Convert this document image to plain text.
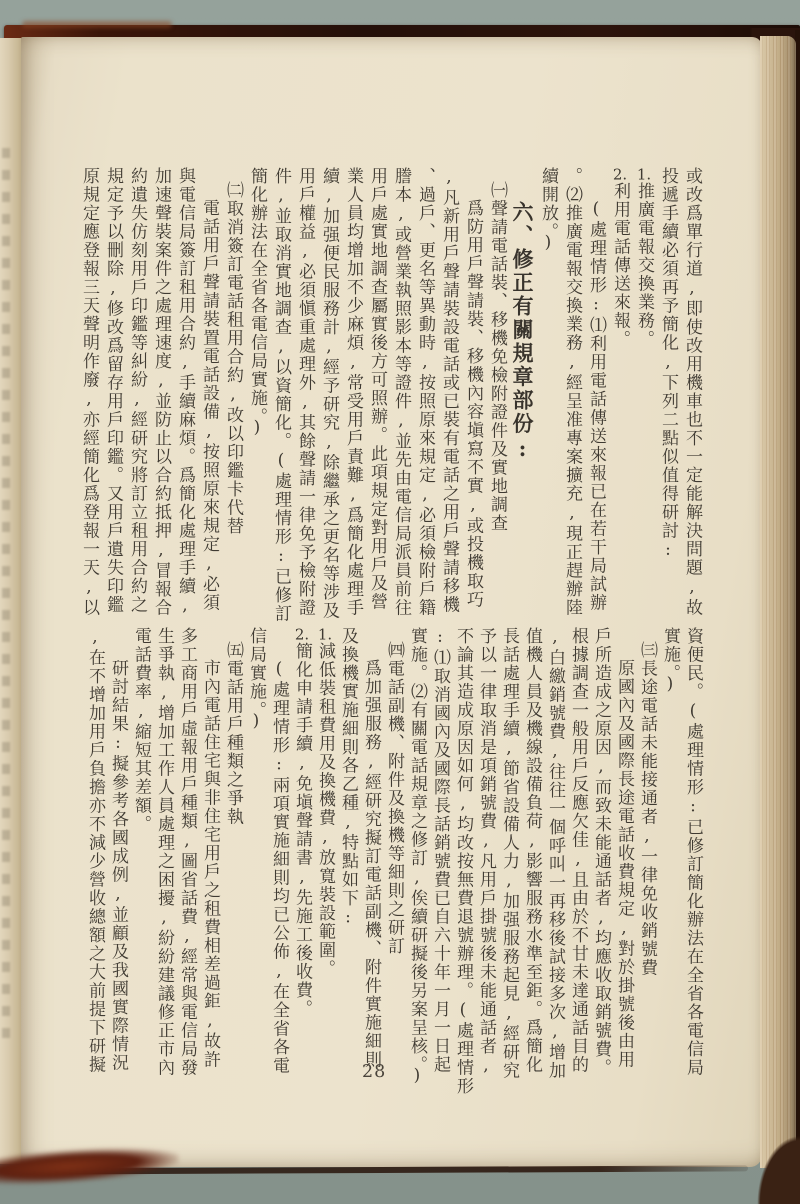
或改爲單行道,即使改用機車也不一定能解決問題,故
投遞手續必須再予簡化,下列二點似值得研討:
1.推廣電報交換業務。
2.利用電話傳送來報。
(處理情形:⑴利用電話傳送來報已在若干局試辦
。⑵推廣電報交換業務,經呈准專案擴充,現正趕辦陸
續開放。)
六、修正有關規章部份:
㈠聲請電話裝、移機免檢附證件及實地調查
爲防用戶聲請裝、移機內容塡寫不實,或投機取巧
,凡新用戶聲請裝設電話或已裝有電話之用戶聲請移機
、過戶、更名等異動時,按照原來規定,必須檢附戶籍
謄本,或營業執照影本等證件,並先由電信局派員前往
用戶處實地調查屬實後方可照辦。此項規定對用戶及營
業人員均增加不少麻煩,常受用戶責難,爲簡化處理手
續,加强便民服務計,經予研究,除繼承之更名等涉及
用戶權益,必須愼重處理外,其餘聲請一律免予檢附證
件,並取消實地調查,以資簡化。(處理情形:已修訂
簡化辦法在全省各電信局實施。)
㈡取消簽訂電話租用合約,改以印鑑卡代替
電話用戶聲請裝置電話設備,按照原來規定,必須
與電信局簽訂租用合約,手續麻煩。爲簡化處理手續,
加速聲裝案件之處理速度,並防止以合約抵押,冒報合
約遺失仿刻用戶印鑑等糾紛,經研究將訂立租用合約之
規定予以刪除,修改爲留存用戶印鑑。又用戶遺失印鑑
原規定應登報三天聲明作廢,亦經簡化爲登報一天,以
資便民。(處理情形:已修訂簡化辦法在全省各電信局
實施。)
㈢長途電話未能接通者,一律免收銷號費
原國內及國際長途電話收費規定,對於掛號後由用
戶所造成之原因,而致未能通話者,均應收取銷號費。
根據調查一般用戶反應欠佳,且由於不甘未達通話目的
,白繳銷號費,往往一個呼叫一再移後試接多次,增加
值機人員及機線設備負荷,影響服務水準至鉅。爲簡化
長話處理手續,節省設備人力,加强服務起見,經研究
予以一律取消是項銷號費,凡用戶掛號後未能通話者,
不論其造成原因如何,均改按無費退號辦理。(處理情形
:⑴取消國內及國際長話銷號費已自六十年一月一日起
實施。⑵有關電話規章之修訂,俟續研擬後另案呈核。)
㈣電話副機、附件及換機等細則之研訂
爲加强服務,經研究擬訂電話副機、附件實施細則
及換機實施細則各乙種,特點如下:
1.減低裝租費用及換機費,放寬裝設範圍。
2.簡化申請手續,免塡聲請書,先施工後收費。
(處理情形:兩項實施細則均已公佈,在全省各電
信局實施。)
㈤電話用戶種類之爭執
市內電話住宅與非住宅用戶之租費相差過鉅,故許
多工商用戶虛報用戶種類,圖省話費,經常與電信局發
生爭執,增加工作人員處理之困擾,紛紛建議修正市內
電話費率,縮短其差額。
研討結果:擬參考各國成例,並顧及我國實際情況
,在不增加用戶負擔亦不減少營收總額之大前提下研擬	28
